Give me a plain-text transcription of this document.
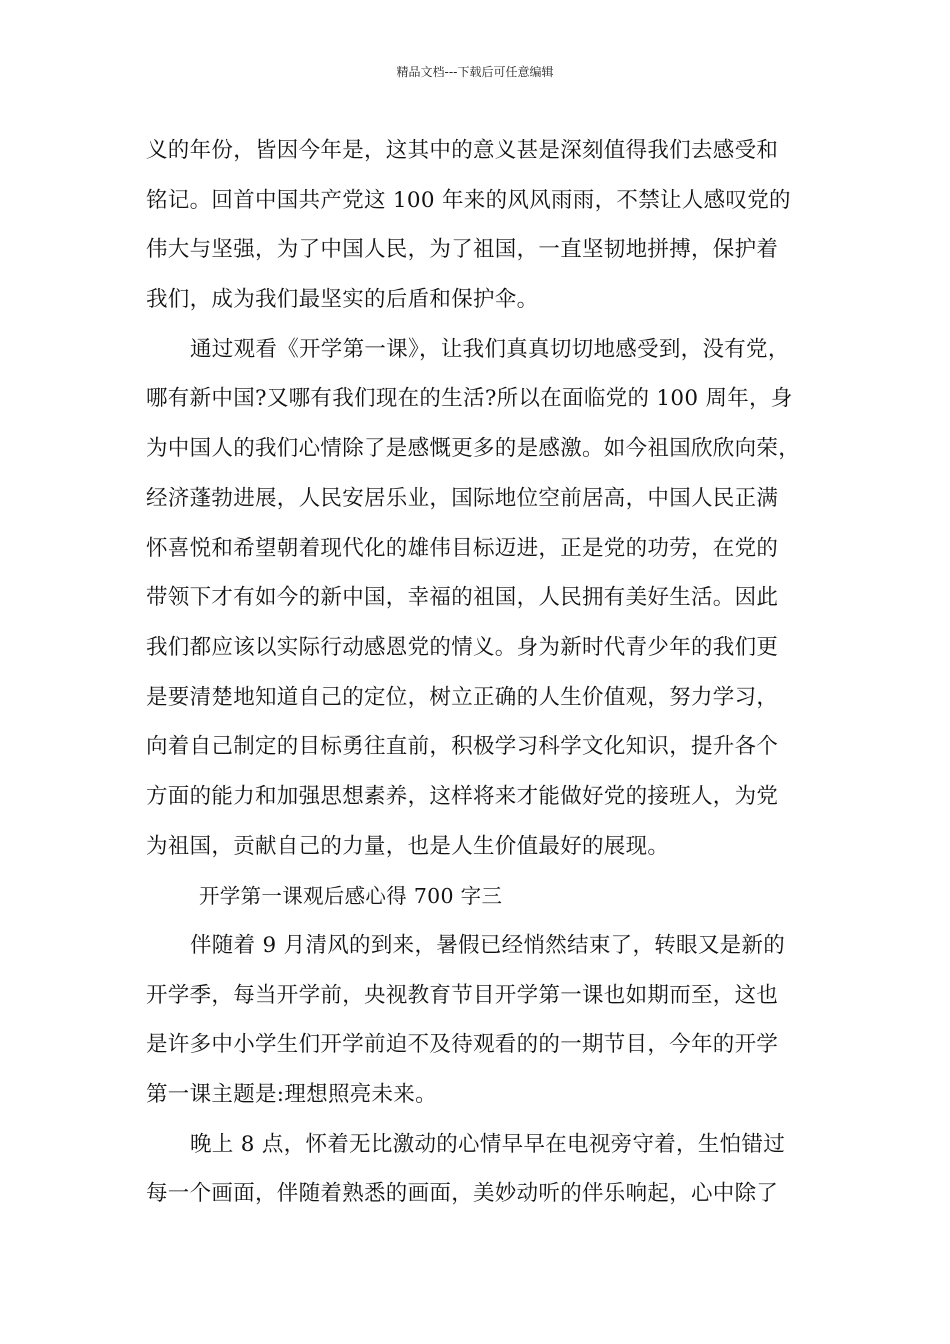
精品文档---下载后可任意编辑
义的年份，皆因今年是，这其中的意义甚是深刻值得我们去感受和
铭记。回首中国共产党这 100 年来的风风雨雨，不禁让人感叹党的
伟大与坚强，为了中国人民，为了祖国，一直坚韧地拼搏，保护着
我们，成为我们最坚实的后盾和保护伞。
通过观看《开学第一课》，让我们真真切切地感受到，没有党，
哪有新中国?又哪有我们现在的生活?所以在面临党的 100 周年，身
为中国人的我们心情除了是感慨更多的是感激。如今祖国欣欣向荣，
经济蓬勃进展，人民安居乐业，国际地位空前居高，中国人民正满
怀喜悦和希望朝着现代化的雄伟目标迈进，正是党的功劳，在党的
带领下才有如今的新中国，幸福的祖国，人民拥有美好生活。因此
我们都应该以实际行动感恩党的情义。身为新时代青少年的我们更
是要清楚地知道自己的定位，树立正确的人生价值观，努力学习，
向着自己制定的目标勇往直前，积极学习科学文化知识，提升各个
方面的能力和加强思想素养，这样将来才能做好党的接班人，为党
为祖国，贡献自己的力量，也是人生价值最好的展现。
开学第一课观后感心得 700 字三
伴随着 9 月清风的到来，暑假已经悄然结束了，转眼又是新的
开学季，每当开学前，央视教育节目开学第一课也如期而至，这也
是许多中小学生们开学前迫不及待观看的的一期节目，今年的开学
第一课主题是:理想照亮未来。
晚上 8 点，怀着无比激动的心情早早在电视旁守着，生怕错过
每一个画面，伴随着熟悉的画面，美妙动听的伴乐响起，心中除了
